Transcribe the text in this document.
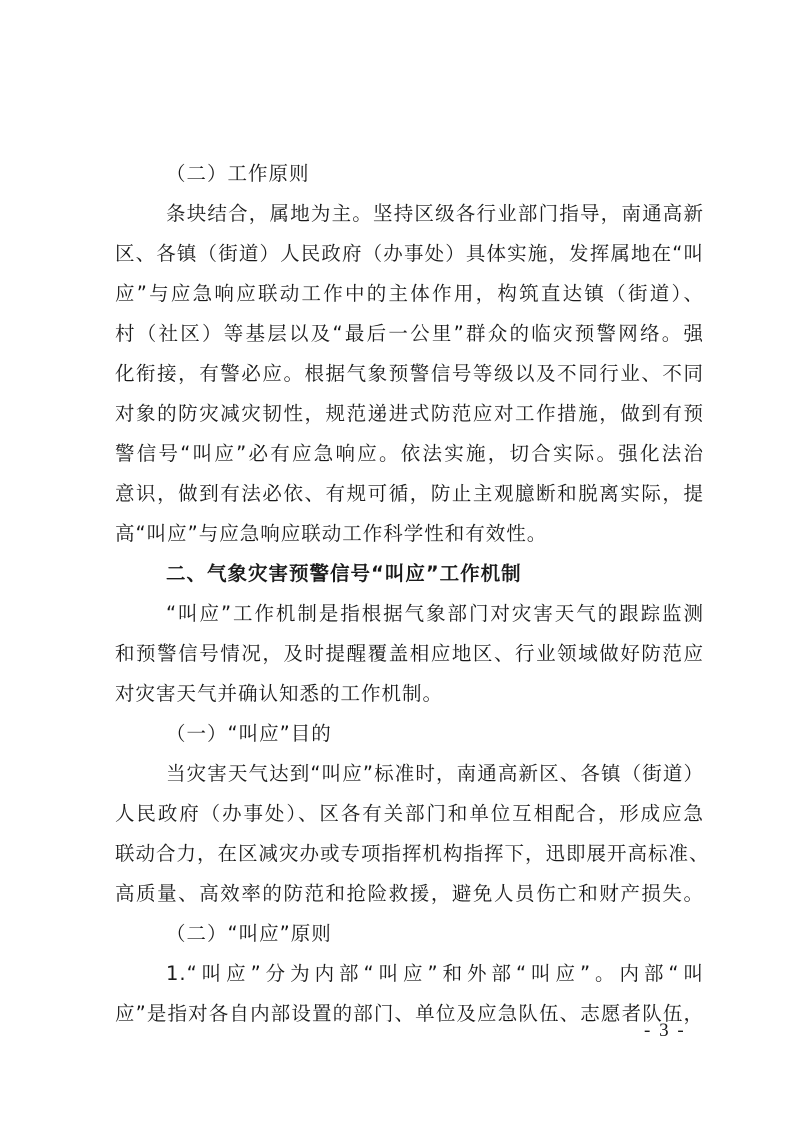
（二）工作原则

条块结合，属地为主。坚持区级各行业部门指导，南通高新

区、各镇（街道）人民政府（办事处）具体实施，发挥属地在“叫

应”与应急响应联动工作中的主体作用，构筑直达镇（街道）、

村（社区）等基层以及“最后一公里”群众的临灾预警网络。强

化衔接，有警必应。根据气象预警信号等级以及不同行业、不同

对象的防灾减灾韧性，规范递进式防范应对工作措施，做到有预

警信号“叫应”必有应急响应。依法实施，切合实际。强化法治

意识，做到有法必依、有规可循，防止主观臆断和脱离实际，提

高“叫应”与应急响应联动工作科学性和有效性。

二、气象灾害预警信号“叫应”工作机制

“叫应”工作机制是指根据气象部门对灾害天气的跟踪监测

和预警信号情况，及时提醒覆盖相应地区、行业领域做好防范应

对灾害天气并确认知悉的工作机制。

（一）“叫应”目的

当灾害天气达到“叫应”标准时，南通高新区、各镇（街道）

人民政府（办事处）、区各有关部门和单位互相配合，形成应急

联动合力，在区减灾办或专项指挥机构指挥下，迅即展开高标准、

高质量、高效率的防范和抢险救援，避免人员伤亡和财产损失。

（二）“叫应”原则

1.“叫应”分为内部“叫应”和外部“叫应”。内部“叫

应”是指对各自内部设置的部门、单位及应急队伍、志愿者队伍，

- 3 -
